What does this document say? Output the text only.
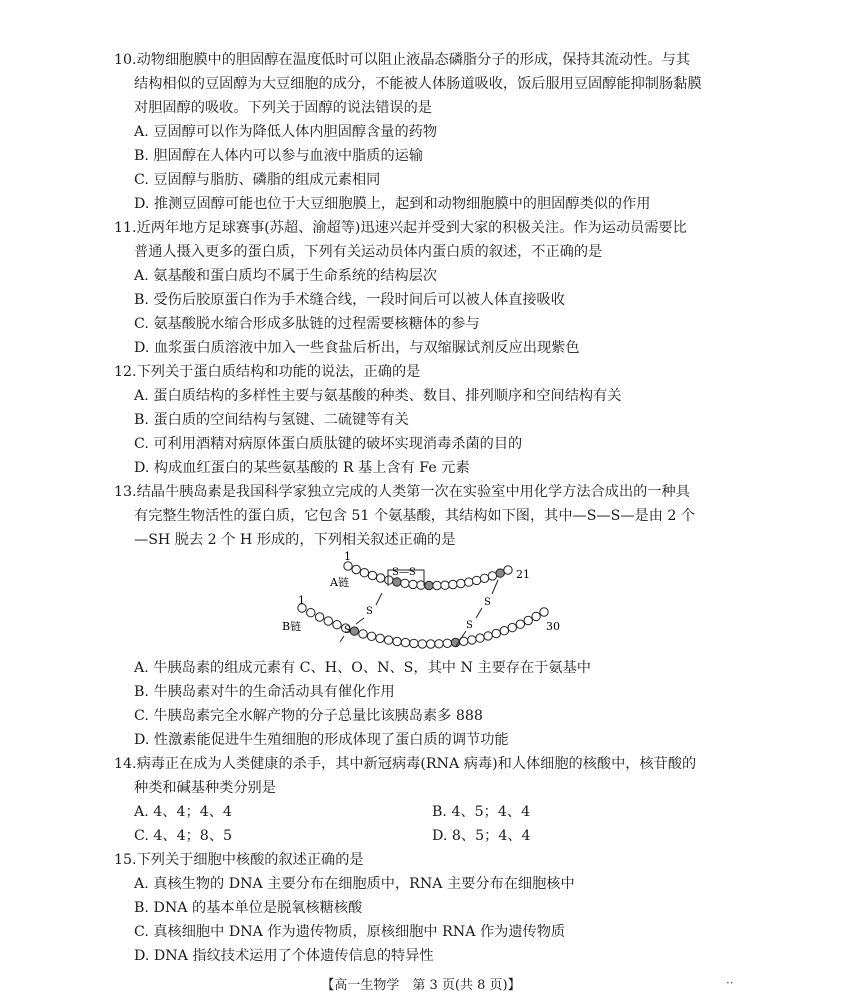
10.动物细胞膜中的胆固醇在温度低时可以阻止液晶态磷脂分子的形成，保持其流动性。与其
结构相似的豆固醇为大豆细胞的成分，不能被人体肠道吸收，饭后服用豆固醇能抑制肠黏膜
对胆固醇的吸收。下列关于固醇的说法错误的是
A. 豆固醇可以作为降低人体内胆固醇含量的药物
B. 胆固醇在人体内可以参与血液中脂质的运输
C. 豆固醇与脂肪、磷脂的组成元素相同
D. 推测豆固醇可能也位于大豆细胞膜上，起到和动物细胞膜中的胆固醇类似的作用
11.近两年地方足球赛事(苏超、渝超等)迅速兴起并受到大家的积极关注。作为运动员需要比
普通人摄入更多的蛋白质，下列有关运动员体内蛋白质的叙述，不正确的是
A. 氨基酸和蛋白质均不属于生命系统的结构层次
B. 受伤后胶原蛋白作为手术缝合线，一段时间后可以被人体直接吸收
C. 氨基酸脱水缩合形成多肽链的过程需要核糖体的参与
D. 血浆蛋白质溶液中加入一些食盐后析出，与双缩脲试剂反应出现紫色
12.下列关于蛋白质结构和功能的说法，正确的是
A. 蛋白质结构的多样性主要与氨基酸的种类、数目、排列顺序和空间结构有关
B. 蛋白质的空间结构与氢键、二硫键等有关
C. 可利用酒精对病原体蛋白质肽键的破坏实现消毒杀菌的目的
D. 构成血红蛋白的某些氨基酸的 R 基上含有 Fe 元素
13.结晶牛胰岛素是我国科学家独立完成的人类第一次在实验室中用化学方法合成出的一种具
有完整生物活性的蛋白质，它包含 51 个氨基酸，其结构如下图，其中—S—S—是由 2 个
—SH 脱去 2 个 H 形成的，下列相关叙述正确的是
S—S
S
S
S
S
A链
1
21
B链
1
30
A. 牛胰岛素的组成元素有 C、H、O、N、S，其中 N 主要存在于氨基中
B. 牛胰岛素对牛的生命活动具有催化作用
C. 牛胰岛素完全水解产物的分子总量比该胰岛素多 888
D. 性激素能促进牛生殖细胞的形成体现了蛋白质的调节功能
14.病毒正在成为人类健康的杀手，其中新冠病毒(RNA 病毒)和人体细胞的核酸中，核苷酸的
种类和碱基种类分别是
A. 4、4；4、4	B. 4、5；4、4
C. 4、4；8、5	D. 8、5；4、4
15.下列关于细胞中核酸的叙述正确的是
A. 真核生物的 DNA 主要分布在细胞质中，RNA 主要分布在细胞核中
B. DNA 的基本单位是脱氧核糖核酸
C. 真核细胞中 DNA 作为遗传物质，原核细胞中 RNA 作为遗传物质
D. DNA 指纹技术运用了个体遗传信息的特异性
【高一生物学　第 3 页(共 8 页)】	··
